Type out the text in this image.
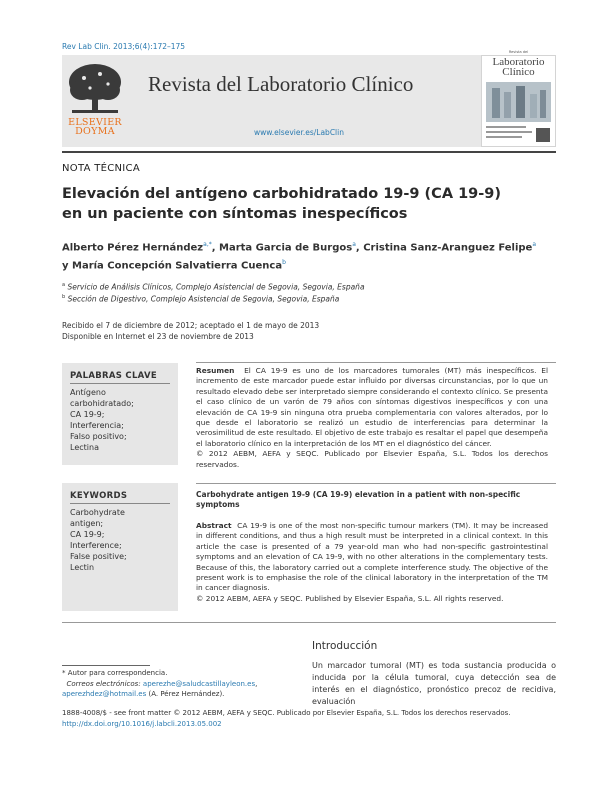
Rev Lab Clin. 2013;6(4):172–175
ELSEVIER
DOYMA
Revista del Laboratorio Clínico
www.elsevier.es/LabClin
Revista del
Laboratorio
Clínico
NOTA TÉCNICA
Elevación del antígeno carbohidratado 19-9 (CA 19-9)
en un paciente con síntomas inespecíficos
Alberto Pérez Hernández$^{a,*}$, Marta Garcia de Burgos$^a$, Cristina Sanz-Aranguez Felipe$^a$
y María Concepción Salvatierra Cuenca$^b$
$^a$ Servicio de Análisis Clínicos, Complejo Asistencial de Segovia, Segovia, España
$^b$ Sección de Digestivo, Complejo Asistencial de Segovia, Segovia, España
Recibido el 7 de diciembre de 2012; aceptado el 1 de mayo de 2013
Disponible en Internet el 23 de noviembre de 2013
PALABRAS CLAVE
Antígeno
carbohidratado;
CA 19-9;
Interferencia;
Falso positivo;
Lectina
KEYWORDS
Carbohydrate
antigen;
CA 19-9;
Interference;
False positive;
Lectin
Resumen El CA 19-9 es uno de los marcadores tumorales (MT) más inespecíficos. El incremento de este marcador puede estar influido por diversas circunstancias, por lo que un resultado elevado debe ser interpretado siempre considerando el contexto clínico. Se presenta el caso clínico de un varón de 79 años con síntomas digestivos inespecíficos y con una elevación de CA 19-9 sin ninguna otra prueba complementaria con valores alterados, por lo que desde el laboratorio se realizó un estudio de interferencias para determinar la verosimilitud de este resultado. El objetivo de este trabajo es resaltar el papel que desempeña el laboratorio clínico en la interpretación de los MT en el diagnóstico del cáncer.
© 2012 AEBM, AEFA y SEQC. Publicado por Elsevier España, S.L. Todos los derechos reservados.
Carbohydrate antigen 19-9 (CA 19-9) elevation in a patient with non-specific symptoms
Abstract CA 19-9 is one of the most non-specific tumour markers (TM). It may be increased in different conditions, and thus a high result must be interpreted in a clinical context. In this article the case is presented of a 79 year-old man who had non-specific gastrointestinal symptoms and an elevation of CA 19-9, with no other alterations in the complementary tests. Because of this, the laboratory carried out a complete interference study. The objective of the present work is to emphasise the role of the clinical laboratory in the interpretation of the TM in cancer diagnosis.
© 2012 AEBM, AEFA y SEQC. Published by Elsevier España, S.L. All rights reserved.
Introducción
Un marcador tumoral (MT) es toda sustancia producida o inducida por la célula tumoral, cuya detección sea de interés en el diagnóstico, pronóstico precoz de recidiva, evaluación
* Autor para correspondencia.
Correos electrónicos: aperezhe@saludcastillayleon.es,
aperezhdez@hotmail.es (A. Pérez Hernández).
1888-4008/$ - see front matter © 2012 AEBM, AEFA y SEQC. Publicado por Elsevier España, S.L. Todos los derechos reservados.
http://dx.doi.org/10.1016/j.labcli.2013.05.002
